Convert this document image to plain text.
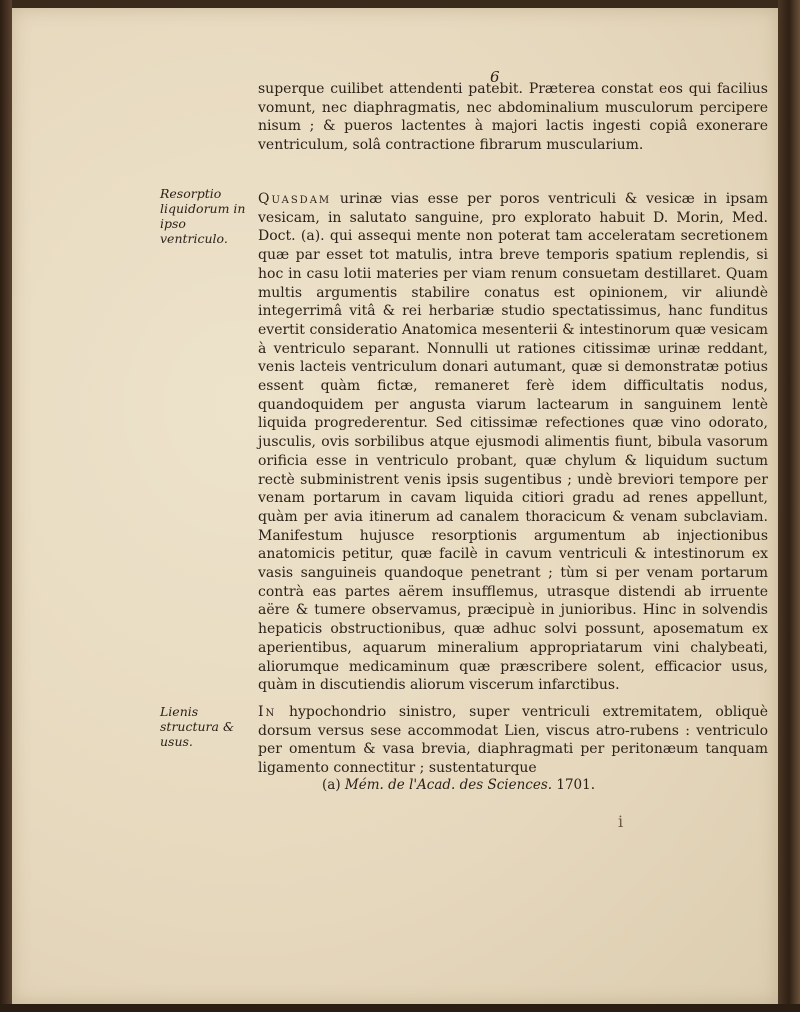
6

superque cuilibet attendenti patebit. Præterea constat eos qui facilius vomunt, nec diaphragmatis, nec abdominalium musculorum percipere nisum ; & pueros lactentes à majori lactis ingesti copiâ exonerare ventriculum, solâ contractione fibrarum muscularium.

Resorptio liquidorum in ipso ventriculo.

Quasdam urinæ vias esse per poros ventriculi & vesicæ in ipsam vesicam, in salutato sanguine, pro explorato habuit D. Morin, Med. Doct. (a). qui assequi mente non poterat tam acceleratam secretionem quæ par esset tot matulis, intra breve temporis spatium replendis, si hoc in casu lotii materies per viam renum consuetam destillaret. Quam multis argumentis stabilire conatus est opinionem, vir aliundè integerrimâ vitâ & rei herbariæ studio spectatissimus, hanc funditus evertit consideratio Anatomica mesenterii & intestinorum quæ vesicam à ventriculo separant. Nonnulli ut rationes citissimæ urinæ reddant, venis lacteis ventriculum donari autumant, quæ si demonstratæ potius essent quàm fictæ, remaneret ferè idem difficultatis nodus, quandoquidem per angusta viarum lactearum in sanguinem lentè liquida progrederentur. Sed citissimæ refectiones quæ vino odorato, jusculis, ovis sorbilibus atque ejusmodi alimentis fiunt, bibula vasorum orificia esse in ventriculo probant, quæ chylum & liquidum suctum rectè subministrent venis ipsis sugentibus ; undè breviori tempore per venam portarum in cavam liquida citiori gradu ad renes appellunt, quàm per avia itinerum ad canalem thoracicum & venam subclaviam. Manifestum hujusce resorptionis argumentum ab injectionibus anatomicis petitur, quæ facilè in cavum ventriculi & intestinorum ex vasis sanguineis quandoque penetrant ; tùm si per venam portarum contrà eas partes aërem insufflemus, utrasque distendi ab irruente aëre & tumere observamus, præcipuè in junioribus. Hinc in solvendis hepaticis obstructionibus, quæ adhuc solvi possunt, aposematum ex aperientibus, aquarum mineralium appropriatarum vini chalybeati, aliorumque medicaminum quæ præscribere solent, efficacior usus, quàm in discutiendis aliorum viscerum infarctibus.

Lienis structura & usus.

In hypochondrio sinistro, super ventriculi extremitatem, obliquè dorsum versus sese accommodat Lien, viscus atro-rubens : ventriculo per omentum & vasa brevia, diaphragmati per peritonæum tanquam ligamento connectitur ; sustentaturque

(a) Mém. de l'Acad. des Sciences. 1701.
i
